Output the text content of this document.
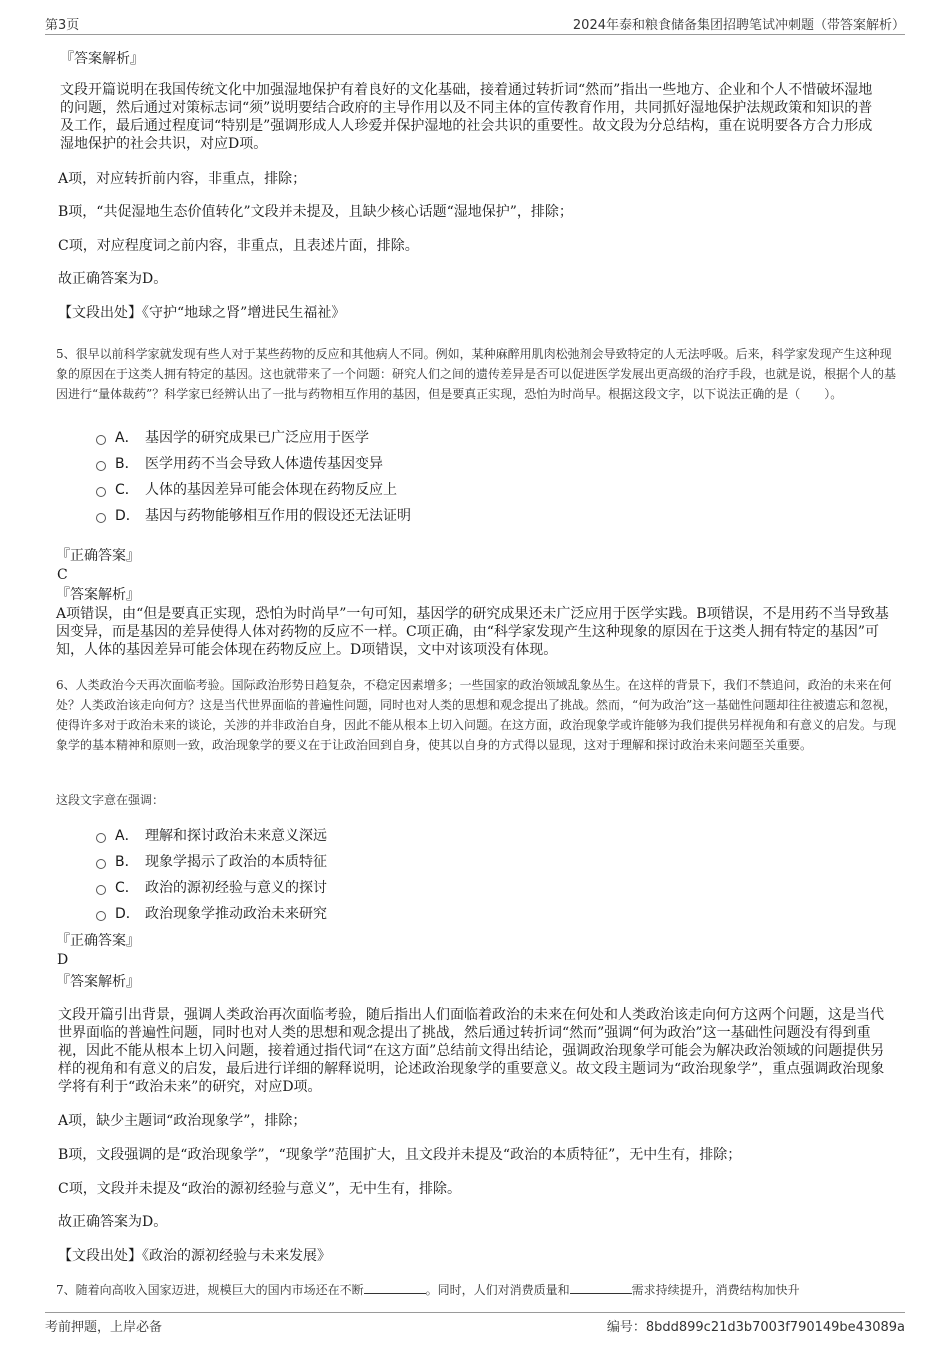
第3页	2024年泰和粮食储备集团招聘笔试冲刺题（带答案解析）
『答案解析』
文段开篇说明在我国传统文化中加强湿地保护有着良好的文化基础，接着通过转折词“然而”指出一些地方、企业和个人不惜破坏湿地的问题，然后通过对策标志词“须”说明要结合政府的主导作用以及不同主体的宣传教育作用，共同抓好湿地保护法规政策和知识的普及工作，最后通过程度词“特别是”强调形成人人珍爱并保护湿地的社会共识的重要性。故文段为分总结构，重在说明要各方合力形成湿地保护的社会共识，对应D项。
A项，对应转折前内容，非重点，排除；
B项，“共促湿地生态价值转化”文段并未提及，且缺少核心话题“湿地保护”，排除；
C项，对应程度词之前内容，非重点，且表述片面，排除。
故正确答案为D。
【文段出处】《守护“地球之肾”增进民生福祉》
5、很早以前科学家就发现有些人对于某些药物的反应和其他病人不同。例如，某种麻醉用肌肉松弛剂会导致特定的人无法呼吸。后来，科学家发现产生这种现象的原因在于这类人拥有特定的基因。这也就带来了一个问题：研究人们之间的遗传差异是否可以促进医学发展出更高级的治疗手段，也就是说，根据个人的基因进行“量体裁药”？科学家已经辨认出了一批与药物相互作用的基因，但是要真正实现，恐怕为时尚早。根据这段文字，以下说法正确的是（　　）。
A． 基因学的研究成果已广泛应用于医学
B． 医学用药不当会导致人体遗传基因变异
C． 人体的基因差异可能会体现在药物反应上
D． 基因与药物能够相互作用的假设还无法证明
『正确答案』
C
『答案解析』
A项错误，由“但是要真正实现，恐怕为时尚早”一句可知，基因学的研究成果还未广泛应用于医学实践。B项错误，不是用药不当导致基因变异，而是基因的差异使得人体对药物的反应不一样。C项正确，由“科学家发现产生这种现象的原因在于这类人拥有特定的基因”可知，人体的基因差异可能会体现在药物反应上。D项错误，文中对该项没有体现。
6、人类政治今天再次面临考验。国际政治形势日趋复杂，不稳定因素增多；一些国家的政治领域乱象丛生。在这样的背景下，我们不禁追问，政治的未来在何处？人类政治该走向何方？这是当代世界面临的普遍性问题，同时也对人类的思想和观念提出了挑战。然而，“何为政治”这一基础性问题却往往被遗忘和忽视，使得许多对于政治未来的谈论，关涉的并非政治自身，因此不能从根本上切入问题。在这方面，政治现象学或许能够为我们提供另样视角和有意义的启发。与现象学的基本精神和原则一致，政治现象学的要义在于让政治回到自身，使其以自身的方式得以显现，这对于理解和探讨政治未来问题至关重要。
这段文字意在强调：
A． 理解和探讨政治未来意义深远
B． 现象学揭示了政治的本质特征
C． 政治的源初经验与意义的探讨
D． 政治现象学推动政治未来研究
『正确答案』
D
『答案解析』
文段开篇引出背景，强调人类政治再次面临考验，随后指出人们面临着政治的未来在何处和人类政治该走向何方这两个问题，这是当代世界面临的普遍性问题，同时也对人类的思想和观念提出了挑战，然后通过转折词“然而”强调“何为政治”这一基础性问题没有得到重视，因此不能从根本上切入问题，接着通过指代词“在这方面”总结前文得出结论，强调政治现象学可能会为解决政治领域的问题提供另样的视角和有意义的启发，最后进行详细的解释说明，论述政治现象学的重要意义。故文段主题词为“政治现象学”，重点强调政治现象学将有利于“政治未来”的研究，对应D项。
A项，缺少主题词“政治现象学”，排除；
B项，文段强调的是“政治现象学”，“现象学”范围扩大，且文段并未提及“政治的本质特征”，无中生有，排除；
C项，文段并未提及“政治的源初经验与意义”，无中生有，排除。
故正确答案为D。
【文段出处】《政治的源初经验与未来发展》
7、随着向高收入国家迈进，规模巨大的国内市场还在不断	。同时，人们对消费质量和	需求持续提升，消费结构加快升
考前押题，上岸必备	编号：8bdd899c21d3b7003f790149be43089a
